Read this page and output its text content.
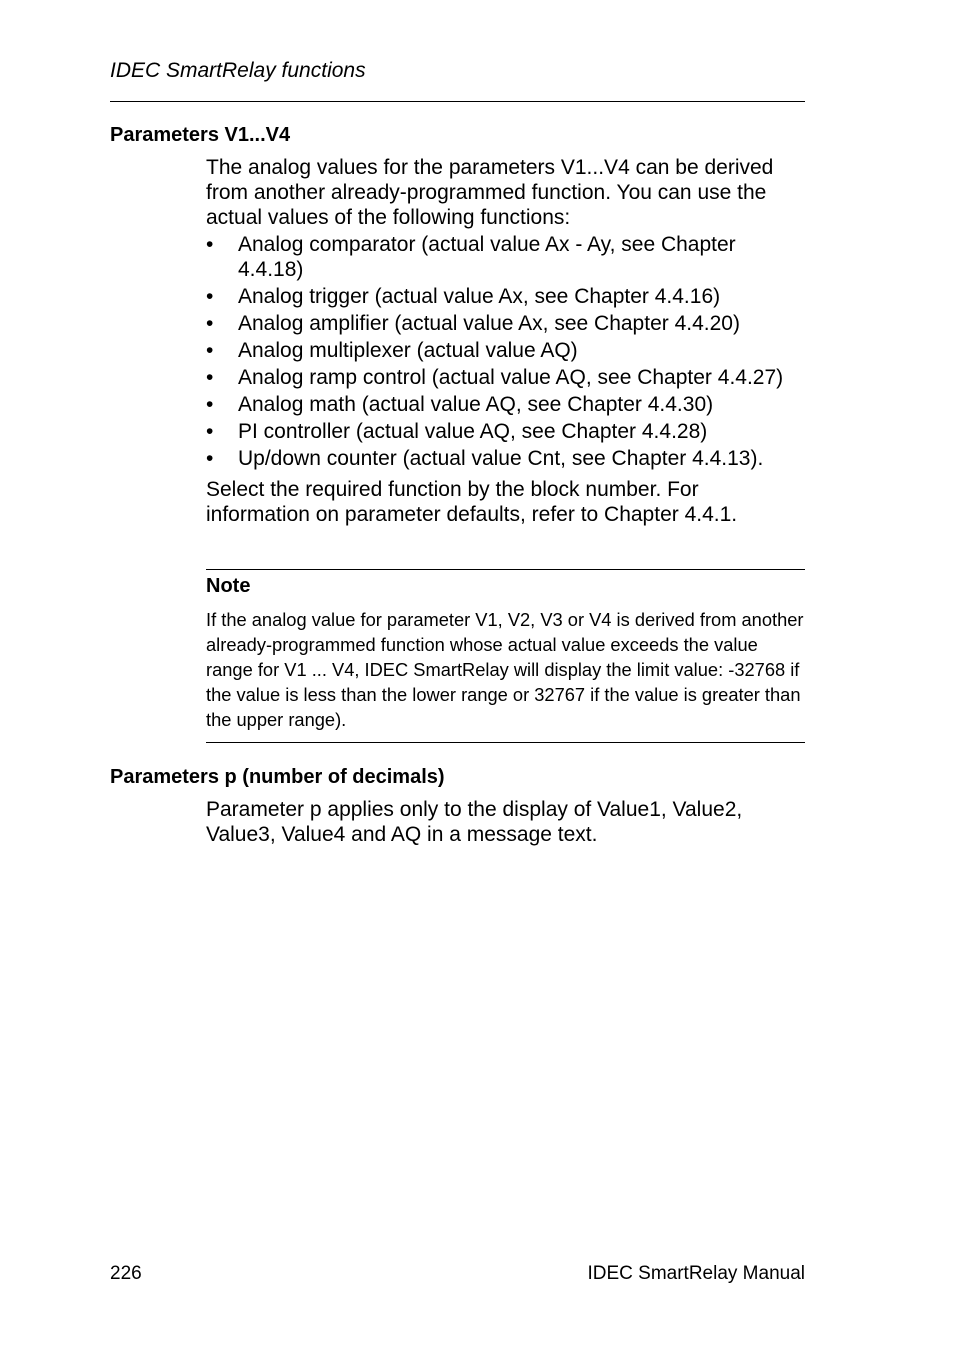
IDEC SmartRelay functions
Parameters V1...V4

The analog values for the parameters V1...V4 can be derived from another already-programmed function. You can use the actual values of the following functions:

• Analog comparator (actual value Ax - Ay, see Chapter 4.4.18)
• Analog trigger (actual value Ax, see Chapter 4.4.16)
• Analog amplifier (actual value Ax, see Chapter 4.4.20)
• Analog multiplexer (actual value AQ)
• Analog ramp control (actual value AQ, see Chapter 4.4.27)
• Analog math (actual value AQ, see Chapter 4.4.30)
• PI controller (actual value AQ, see Chapter 4.4.28)
• Up/down counter (actual value Cnt, see Chapter 4.4.13).

Select the required function by the block number. For information on parameter defaults, refer to Chapter 4.4.1.

Note
If the analog value for parameter V1, V2, V3 or V4 is derived from another already-programmed function whose actual value exceeds the value range for V1 ... V4, IDEC SmartRelay will display the limit value: -32768 if the value is less than the lower range or 32767 if the value is greater than the upper range).
Parameters p (number of decimals)

Parameter p applies only to the display of Value1, Value2, Value3, Value4 and AQ in a message text.

226	IDEC SmartRelay Manual
